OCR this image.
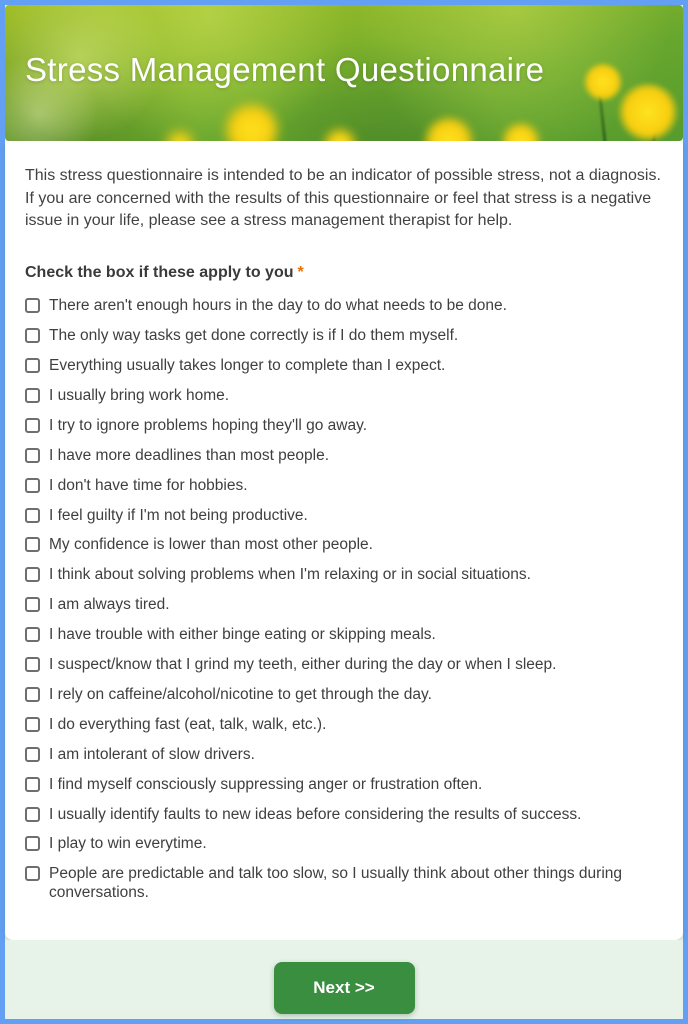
Stress Management Questionnaire

This stress questionnaire is intended to be an indicator of possible stress, not a diagnosis. If you are concerned with the results of this questionnaire or feel that stress is a negative issue in your life, please see a stress management therapist for help.

Check the box if these apply to you *
There aren't enough hours in the day to do what needs to be done.
The only way tasks get done correctly is if I do them myself.
Everything usually takes longer to complete than I expect.
I usually bring work home.
I try to ignore problems hoping they'll go away.
I have more deadlines than most people.
I don't have time for hobbies.
I feel guilty if I'm not being productive.
My confidence is lower than most other people.
I think about solving problems when I'm relaxing or in social situations.
I am always tired.
I have trouble with either binge eating or skipping meals.
I suspect/know that I grind my teeth, either during the day or when I sleep.
I rely on caffeine/alcohol/nicotine to get through the day.
I do everything fast (eat, talk, walk, etc.).
I am intolerant of slow drivers.
I find myself consciously suppressing anger or frustration often.
I usually identify faults to new ideas before considering the results of success.
I play to win everytime.
People are predictable and talk too slow, so I usually think about other things during conversations.
Next >>
